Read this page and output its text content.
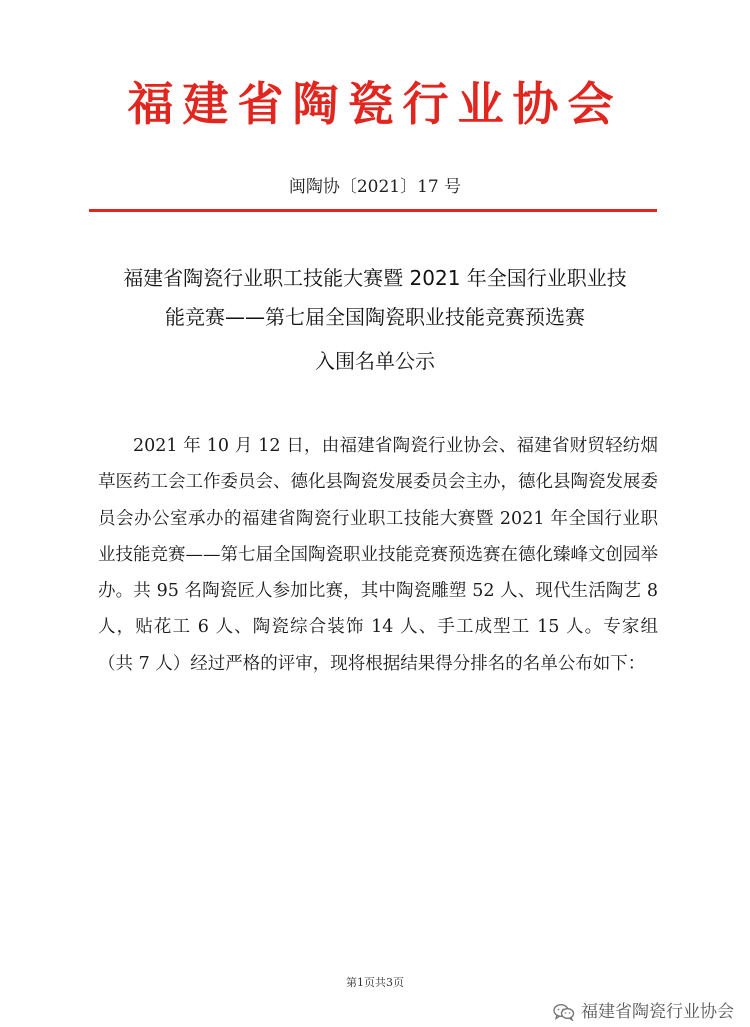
福建省陶瓷行业协会
闽陶协〔2021〕17 号
福建省陶瓷行业职工技能大赛暨 2021 年全国行业职业技
能竞赛——第七届全国陶瓷职业技能竞赛预选赛
入围名单公示
2021 年 10 月 12 日，由福建省陶瓷行业协会、福建省财贸轻纺烟草医药工会工作委员会、德化县陶瓷发展委员会主办，德化县陶瓷发展委员会办公室承办的福建省陶瓷行业职工技能大赛暨 2021 年全国行业职业技能竞赛——第七届全国陶瓷职业技能竞赛预选赛在德化臻峰文创园举办。共 95 名陶瓷匠人参加比赛，其中陶瓷雕塑 52 人、现代生活陶艺 8 人，贴花工 6 人、陶瓷综合装饰 14 人、手工成型工 15 人。专家组（共 7 人）经过严格的评审，现将根据结果得分排名的名单公布如下：
第1页共3页
福建省陶瓷行业协会
